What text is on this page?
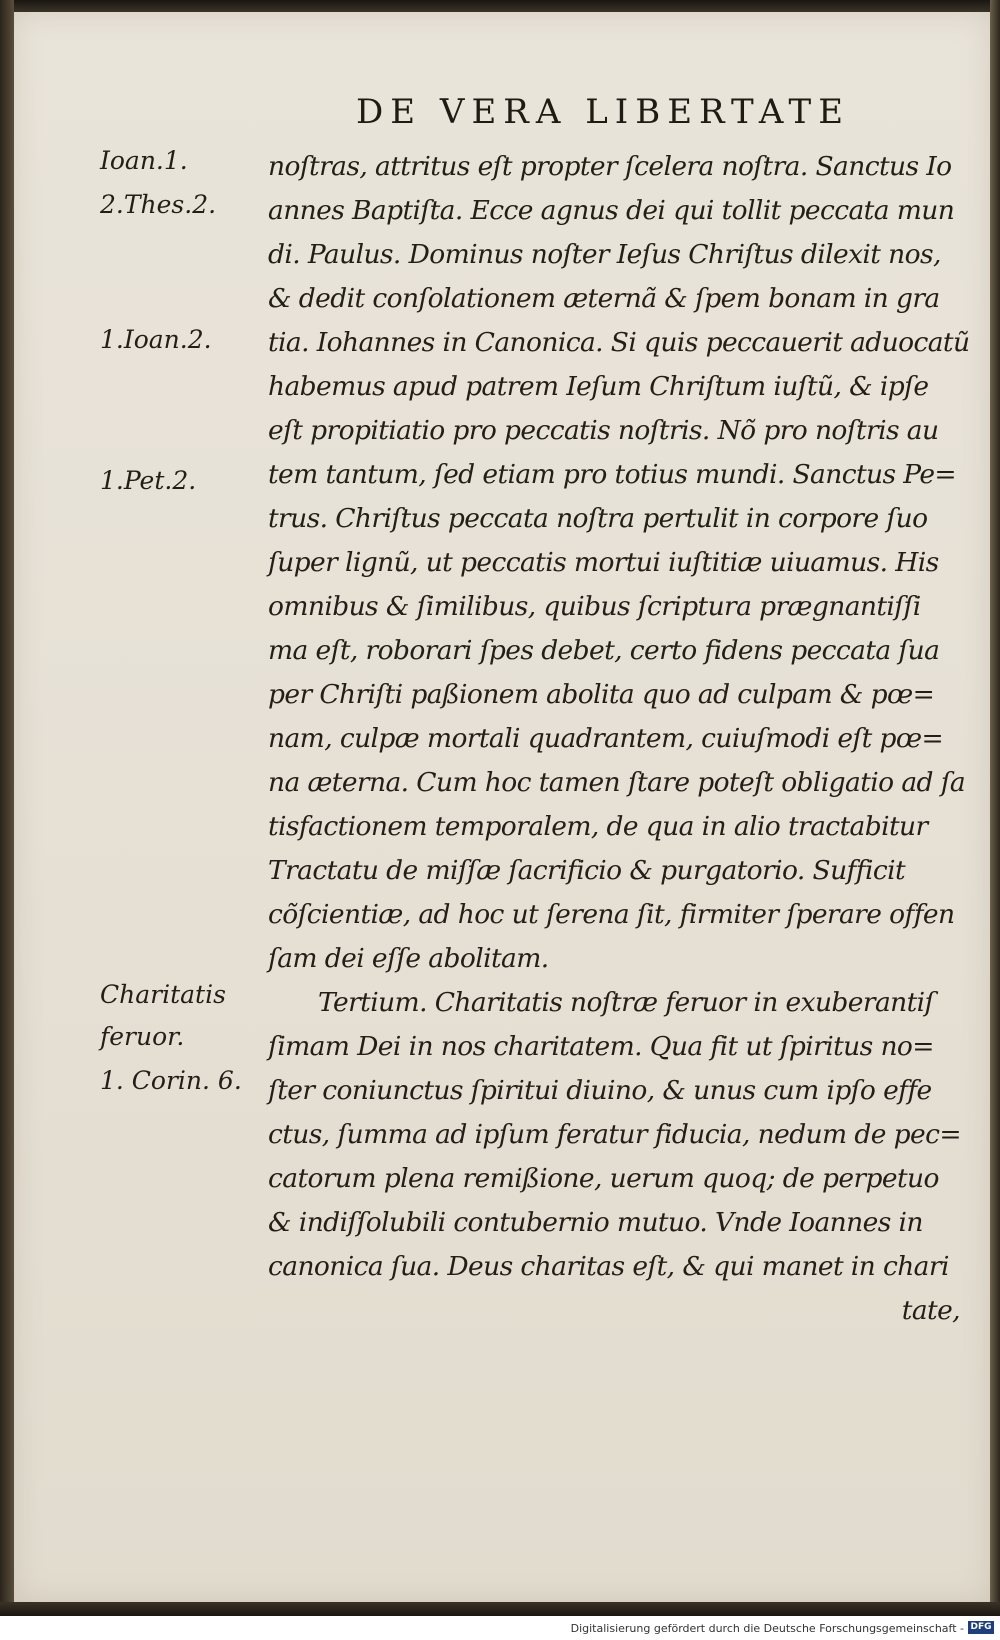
DE VERA LIBERTATE
Ioan.1.
2.Thes.2.
1.Ioan.2.
1.Pet.2.
Charitatis
feruor.
1. Corin. 6.
noſtras, attritus eſt propter ſcelera noſtra. Sanctus Io
annes Baptiſta. Ecce agnus dei qui tollit peccata mun
di. Paulus. Dominus noſter Ieſus Chriſtus dilexit nos,
& dedit conſolationem æternã & ſpem bonam in gra
tia. Iohannes in Canonica. Si quis peccauerit aduocatũ
habemus apud patrem Ieſum Chriſtum iuſtũ, & ipſe
eſt propitiatio pro peccatis noſtris. Nõ pro noſtris au
tem tantum, ſed etiam pro totius mundi. Sanctus Pe=
trus. Chriſtus peccata noſtra pertulit in corpore ſuo
ſuper lignũ, ut peccatis mortui iuſtitiæ uiuamus. His
omnibus & ſimilibus, quibus ſcriptura prægnantiſſi
ma eſt, roborari ſpes debet, certo fidens peccata ſua
per Chriſti paßionem abolita quo ad culpam & pœ=
nam, culpæ mortali quadrantem, cuiuſmodi eſt pœ=
na æterna. Cum hoc tamen ſtare poteſt obligatio ad ſa
tisfactionem temporalem, de qua in alio tractabitur
Tractatu de miſſæ ſacrificio & purgatorio. Sufficit
cõſcientiæ, ad hoc ut ſerena ſit, firmiter ſperare offen
ſam dei eſſe abolitam.
Tertium. Charitatis noſtræ feruor in exuberantiſ
ſimam Dei in nos charitatem. Qua fit ut ſpiritus no=
ſter coniunctus ſpiritui diuino, & unus cum ipſo effe
ctus, ſumma ad ipſum feratur fiducia, nedum de pec=
catorum plena remißione, uerum quoq; de perpetuo
& indiſſolubili contubernio mutuo. Vnde Ioannes in
canonica ſua. Deus charitas eſt, & qui manet in chari
tate,
Digitalisierung gefördert durch die Deutsche Forschungsgemeinschaft - DFG
